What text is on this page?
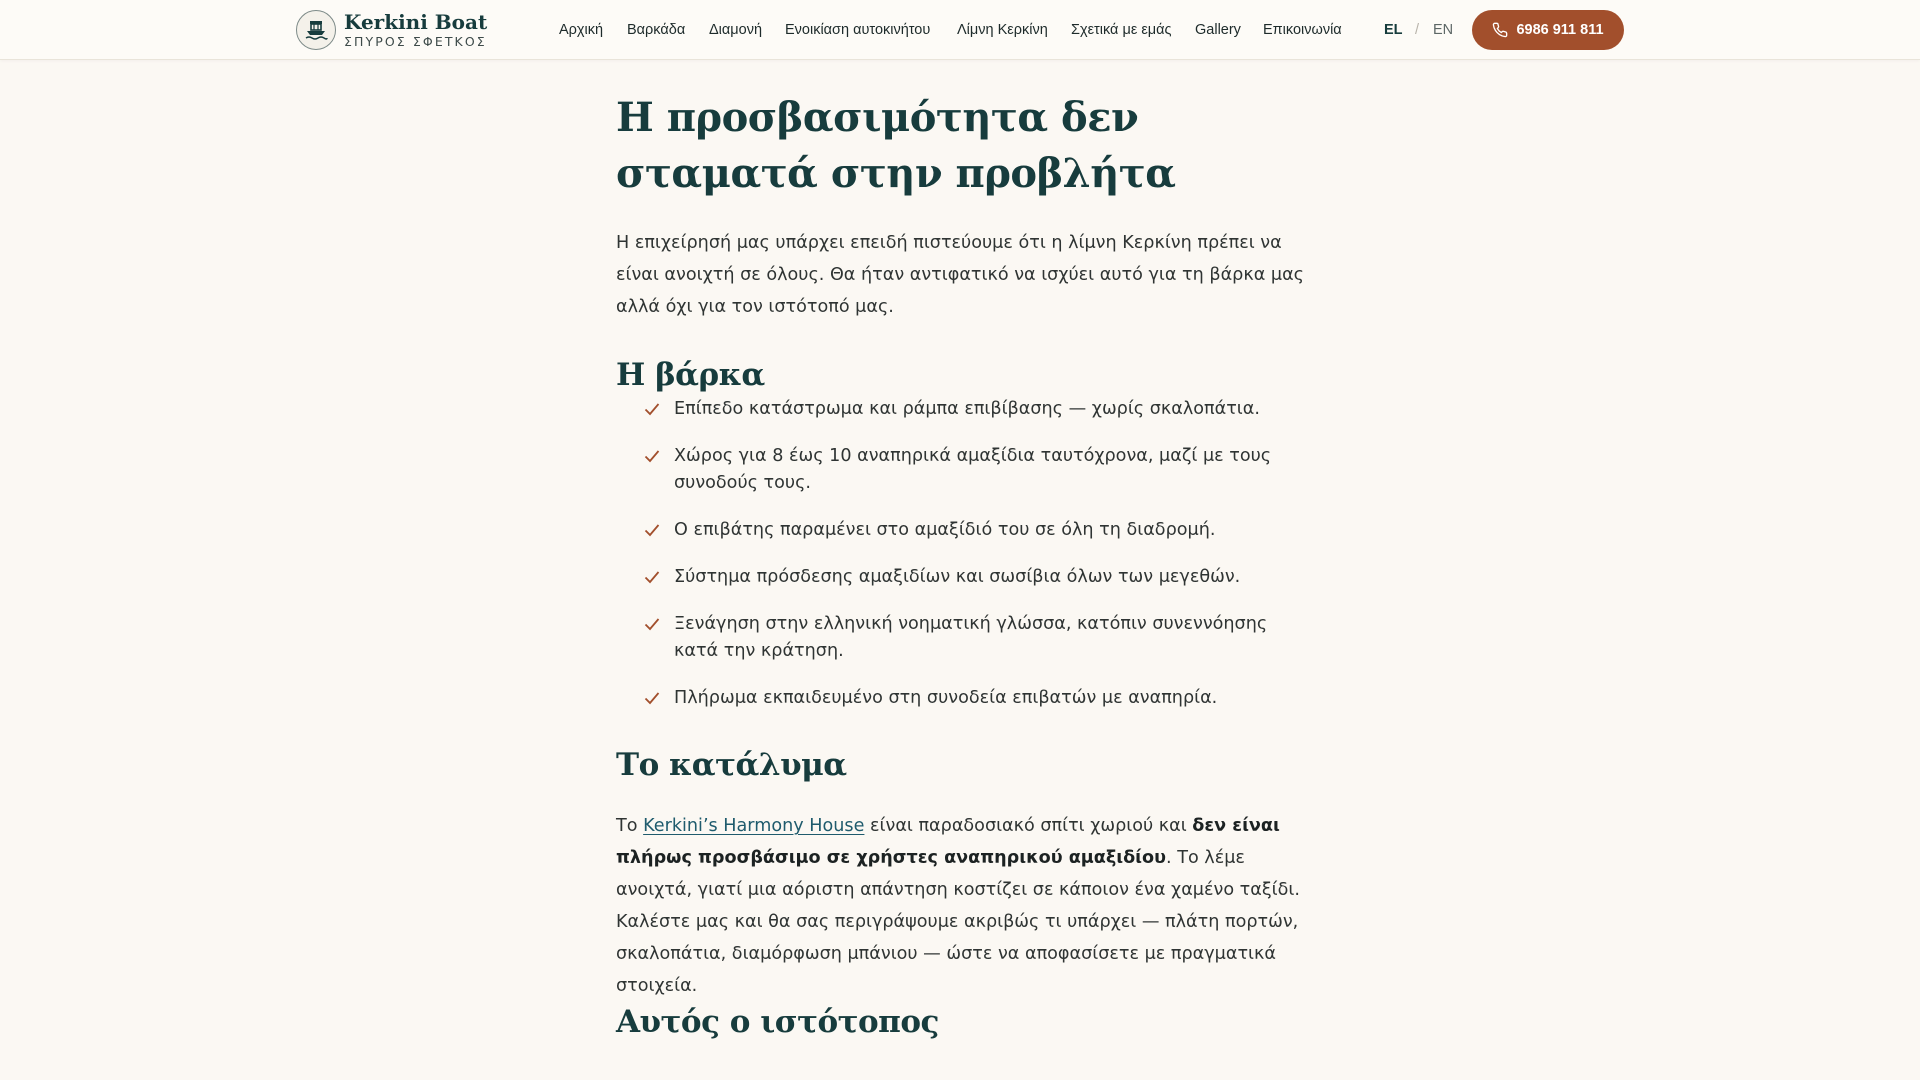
Kerkini Boat
ΣΠΥΡΟΣ ΣΦΕΤΚΟΣ
Αρχική Βαρκάδα Διαμονή Ενοικίαση αυτοκινήτου Λίμνη Κερκίνη Σχετικά με εμάς Gallery Επικοινωνία	EL / EN	6986 911 811
Η προσβασιμότητα δεν
σταματά στην προβλήτα

Η επιχείρησή μας υπάρχει επειδή πιστεύουμε ότι η λίμνη Κερκίνη πρέπει να είναι ανοιχτή σε όλους. Θα ήταν αντιφατικό να ισχύει αυτό για τη βάρκα μας αλλά όχι για τον ιστότοπό μας.

Η βάρκα
Επίπεδο κατάστρωμα και ράμπα επιβίβασης — χωρίς σκαλοπάτια.
Χώρος για 8 έως 10 αναπηρικά αμαξίδια ταυτόχρονα, μαζί με τους συνοδούς τους.
Ο επιβάτης παραμένει στο αμαξίδιό του σε όλη τη διαδρομή.
Σύστημα πρόσδεσης αμαξιδίων και σωσίβια όλων των μεγεθών.
Ξενάγηση στην ελληνική νοηματική γλώσσα, κατόπιν συνεννόησης κατά την κράτηση.
Πλήρωμα εκπαιδευμένο στη συνοδεία επιβατών με αναπηρία.
Το κατάλυμα

Το Kerkini’s Harmony House είναι παραδοσιακό σπίτι χωριού και δεν είναι πλήρως προσβάσιμο σε χρήστες αναπηρικού αμαξιδίου. Το λέμε ανοιχτά, γιατί μια αόριστη απάντηση κοστίζει σε κάποιον ένα χαμένο ταξίδι. Καλέστε μας και θα σας περιγράψουμε ακριβώς τι υπάρχει — πλάτη πορτών, σκαλοπάτια, διαμόρφωση μπάνιου — ώστε να αποφασίσετε με πραγματικά στοιχεία.

Αυτός ο ιστότοπος
